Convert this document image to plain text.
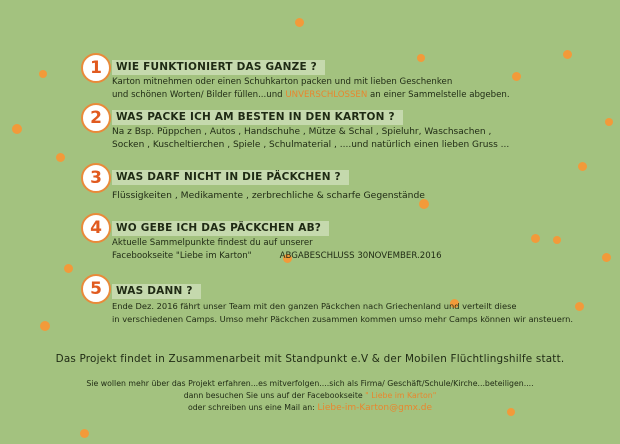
1	WIE FUNKTIONIERT DAS GANZE ?
Karton mitnehmen oder einen Schuhkarton packen und mit lieben Geschenken
und schönen Worten/ Bilder füllen...und UNVERSCHLOSSEN an einer Sammelstelle abgeben.
2	WAS PACKE ICH AM BESTEN IN DEN KARTON ?
Na z Bsp. Püppchen , Autos , Handschuhe , Mütze & Schal , Spieluhr, Waschsachen ,
Socken , Kuscheltierchen , Spiele , Schulmaterial , ....und natürlich einen lieben Gruss ...
3	WAS DARF NICHT IN DIE PÄCKCHEN ?
Flüssigkeiten , Medikamente , zerbrechliche & scharfe Gegenstände
4	WO GEBE ICH DAS PÄCKCHEN AB?
Aktuelle Sammelpunkte findest du auf unserer
Facebookseite "Liebe im Karton"	ABGABESCHLUSS 30NOVEMBER.2016
5	WAS DANN ?
Ende Dez. 2016 fährt unser Team mit den ganzen Päckchen nach Griechenland und verteilt diese
in verschiedenen Camps. Umso mehr Päckchen zusammen kommen umso mehr Camps können wir ansteuern.
Das Projekt findet in Zusammenarbeit mit Standpunkt e.V & der Mobilen Flüchtlingshilfe statt.
Sie wollen mehr über das Projekt erfahren...es mitverfolgen....sich als Firma/ Geschäft/Schule/Kirche...beteiligen....
dann besuchen Sie uns auf der Facebookseite " Liebe im Karton"
oder schreiben uns eine Mail an: Liebe-im-Karton@gmx.de
